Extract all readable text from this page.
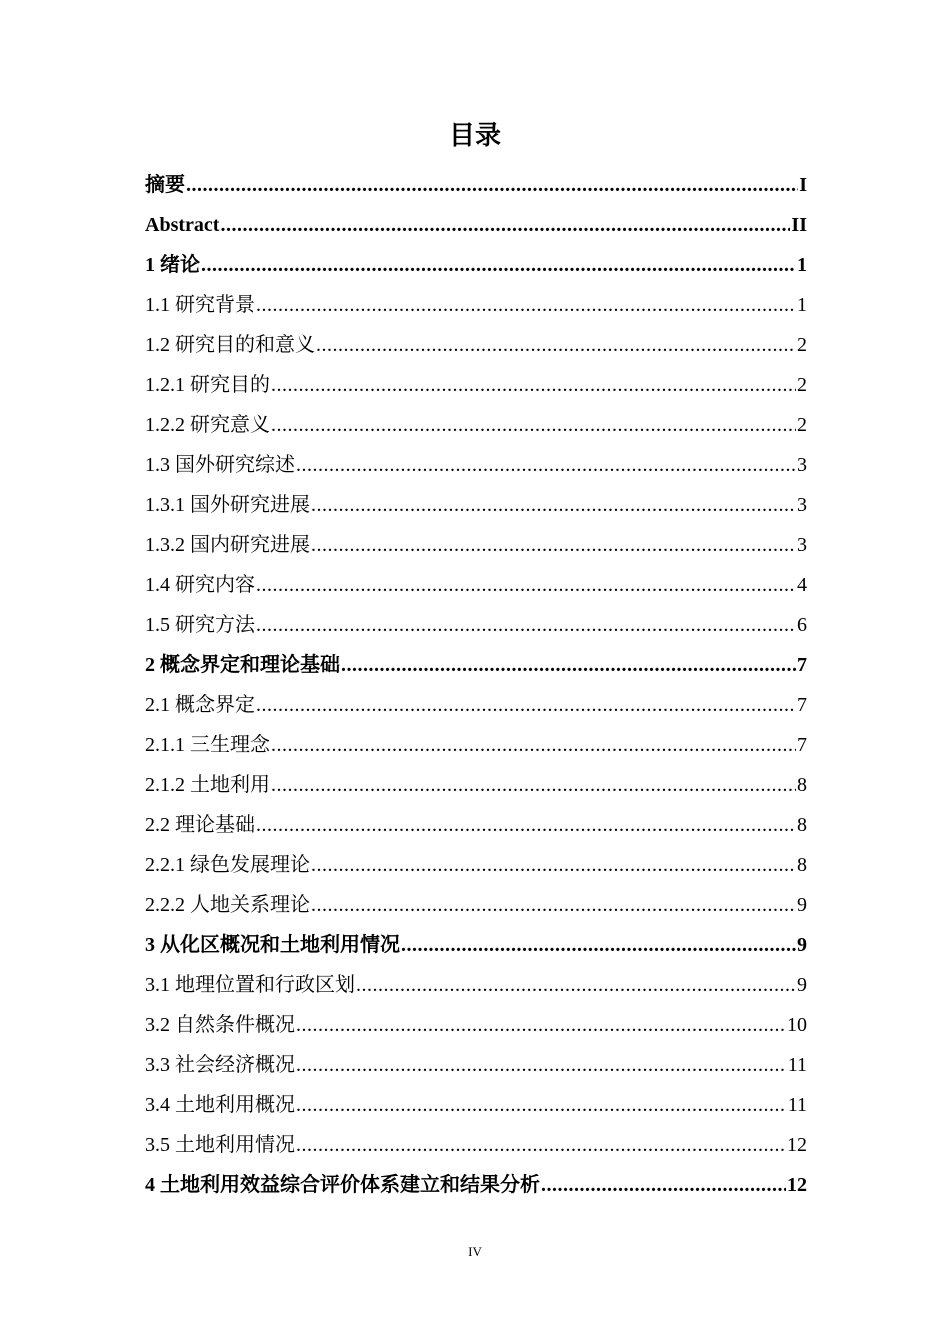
目录
摘要 .....	I
Abstract .....	II
1 绪论 .....	1
1.1 研究背景 .....	1
1.2 研究目的和意义 .....	2
1.2.1 研究目的 .....	2
1.2.2 研究意义 .....	2
1.3 国外研究综述 .....	3
1.3.1 国外研究进展 .....	3
1.3.2 国内研究进展 .....	3
1.4 研究内容 .....	4
1.5 研究方法 .....	6
2 概念界定和理论基础 .....	7
2.1 概念界定 .....	7
2.1.1 三生理念 .....	7
2.1.2 土地利用 .....	8
2.2 理论基础 .....	8
2.2.1 绿色发展理论 .....	8
2.2.2 人地关系理论 .....	9
3 从化区概况和土地利用情况 .....	9
3.1 地理位置和行政区划 .....	9
3.2 自然条件概况 .....	10
3.3 社会经济概况 .....	11
3.4 土地利用概况 .....	11
3.5 土地利用情况 .....	12
4 土地利用效益综合评价体系建立和结果分析 .....	12
IV
